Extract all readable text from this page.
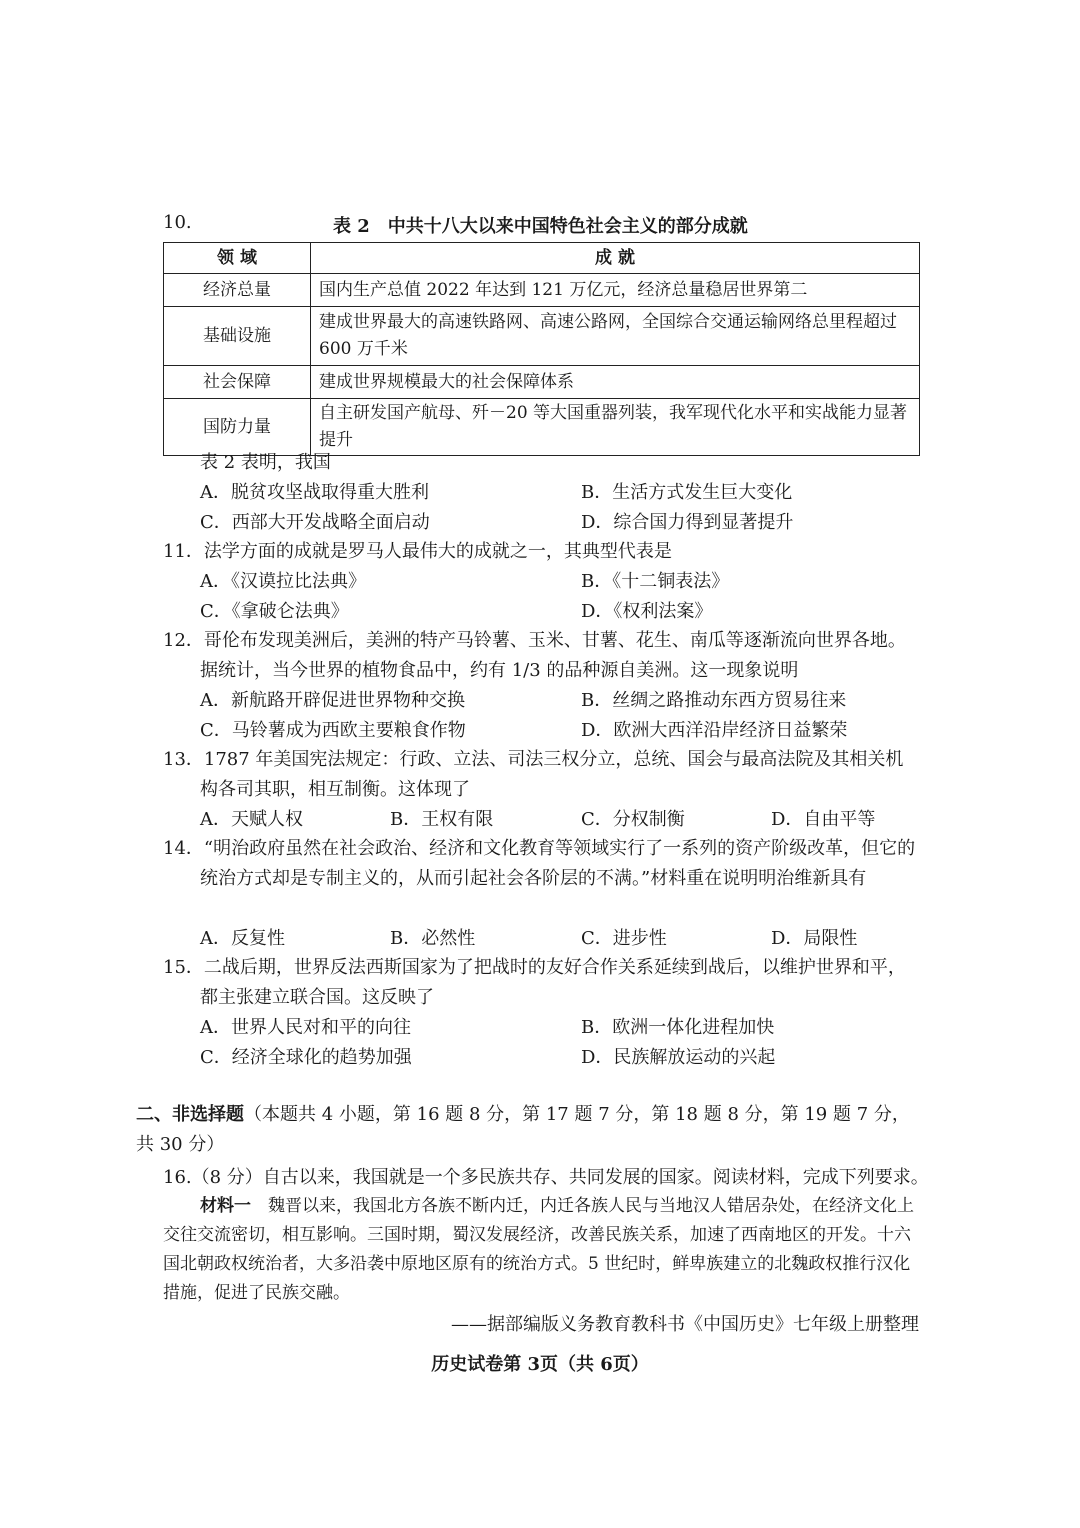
10.	表 2　中共十八大以来中国特色社会主义的部分成就
领 域	成 就
经济总量	国内生产总值 2022 年达到 121 万亿元，经济总量稳居世界第二
基础设施	建成世界最大的高速铁路网、高速公路网，全国综合交通运输网络总里程超过 600 万千米
社会保障	建成世界规模最大的社会保障体系
国防力量	自主研发国产航母、歼－20 等大国重器列装，我军现代化水平和实战能力显著提升
表 2 表明，我国
A．脱贫攻坚战取得重大胜利	B．生活方式发生巨大变化
C．西部大开发战略全面启动	D．综合国力得到显著提升
11．法学方面的成就是罗马人最伟大的成就之一，其典型代表是
A．《汉谟拉比法典》	B．《十二铜表法》
C．《拿破仑法典》	D．《权利法案》
12．哥伦布发现美洲后，美洲的特产马铃薯、玉米、甘薯、花生、南瓜等逐渐流向世界各地。据统计，当今世界的植物食品中，约有 1/3 的品种源自美洲。这一现象说明
A．新航路开辟促进世界物种交换	B．丝绸之路推动东西方贸易往来
C．马铃薯成为西欧主要粮食作物	D．欧洲大西洋沿岸经济日益繁荣
13．1787 年美国宪法规定：行政、立法、司法三权分立，总统、国会与最高法院及其相关机构各司其职，相互制衡。这体现了
A．天赋人权	B．王权有限	C．分权制衡	D．自由平等
14．“明治政府虽然在社会政治、经济和文化教育等领域实行了一系列的资产阶级改革，但它的统治方式却是专制主义的，从而引起社会各阶层的不满。”材料重在说明明治维新具有
A．反复性	B．必然性	C．进步性	D．局限性
15．二战后期，世界反法西斯国家为了把战时的友好合作关系延续到战后，以维护世界和平，都主张建立联合国。这反映了
A．世界人民对和平的向往	B．欧洲一体化进程加快
C．经济全球化的趋势加强	D．民族解放运动的兴起
二、非选择题（本题共 4 小题，第 16 题 8 分，第 17 题 7 分，第 18 题 8 分，第 19 题 7 分，共 30 分）
16.（8 分）自古以来，我国就是一个多民族共存、共同发展的国家。阅读材料，完成下列要求。
材料一　魏晋以来，我国北方各族不断内迁，内迁各族人民与当地汉人错居杂处，在经济文化上交往交流密切，相互影响。三国时期，蜀汉发展经济，改善民族关系，加速了西南地区的开发。十六国北朝政权统治者，大多沿袭中原地区原有的统治方式。5 世纪时，鲜卑族建立的北魏政权推行汉化措施，促进了民族交融。
——据部编版义务教育教科书《中国历史》七年级上册整理
历史试卷第 3页（共 6页）
